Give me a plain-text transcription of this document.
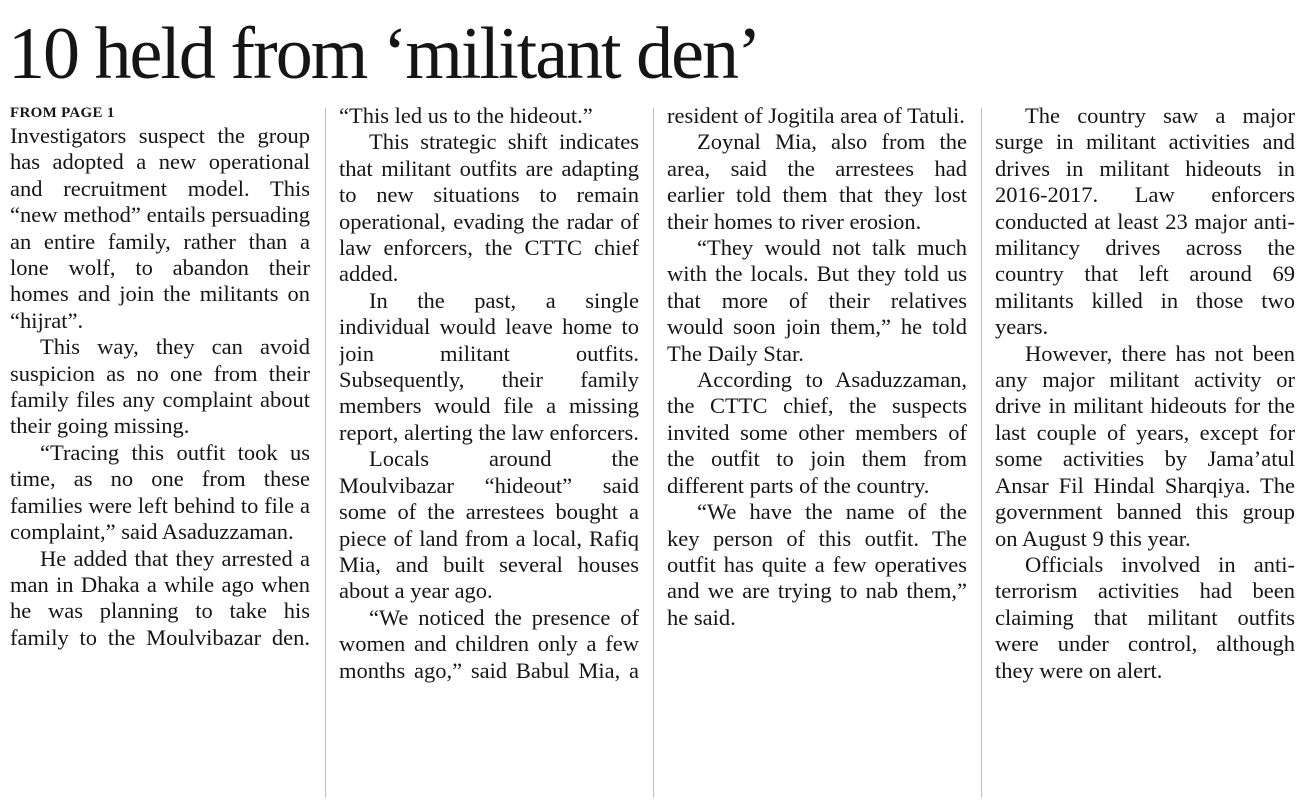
10 held from ‘militant den’
FROM PAGE 1

Investigators suspect the group has adopted a new operational and recruitment model. This “new method” entails persuading an entire family, rather than a lone wolf, to abandon their homes and join the militants on “hijrat”.

This way, they can avoid suspicion as no one from their family files any complaint about their going missing.

“Tracing this outfit took us time, as no one from these families were left behind to file a complaint,” said Asaduzzaman.

He added that they arrested a man in Dhaka a while ago when he was planning to take his family to the Moulvibazar den.

“This led us to the hideout.”

This strategic shift indicates that militant outfits are adapting to new situations to remain operational, evading the radar of law enforcers, the CTTC chief added.

In the past, a single individual would leave home to join militant outfits. Subsequently, their family members would file a missing report, alerting the law enforcers.

Locals around the Moulvibazar “hideout” said some of the arrestees bought a piece of land from a local, Rafiq Mia, and built several houses about a year ago.

“We noticed the presence of women and children only a few months ago,” said Babul Mia, a

resident of Jogitila area of Tatuli.

Zoynal Mia, also from the area, said the arrestees had earlier told them that they lost their homes to river erosion.

“They would not talk much with the locals. But they told us that more of their relatives would soon join them,” he told The Daily Star.

According to Asaduzzaman, the CTTC chief, the suspects invited some other members of the outfit to join them from different parts of the country.

“We have the name of the key person of this outfit. The outfit has quite a few operatives and we are trying to nab them,” he said.

The country saw a major surge in militant activities and drives in militant hideouts in 2016-2017. Law enforcers conducted at least 23 major anti-militancy drives across the country that left around 69 militants killed in those two years.

However, there has not been any major militant activity or drive in militant hideouts for the last couple of years, except for some activities by Jama’atul Ansar Fil Hindal Sharqiya. The government banned this group on August 9 this year.

Officials involved in anti-terrorism activities had been claiming that militant outfits were under control, although they were on alert.
